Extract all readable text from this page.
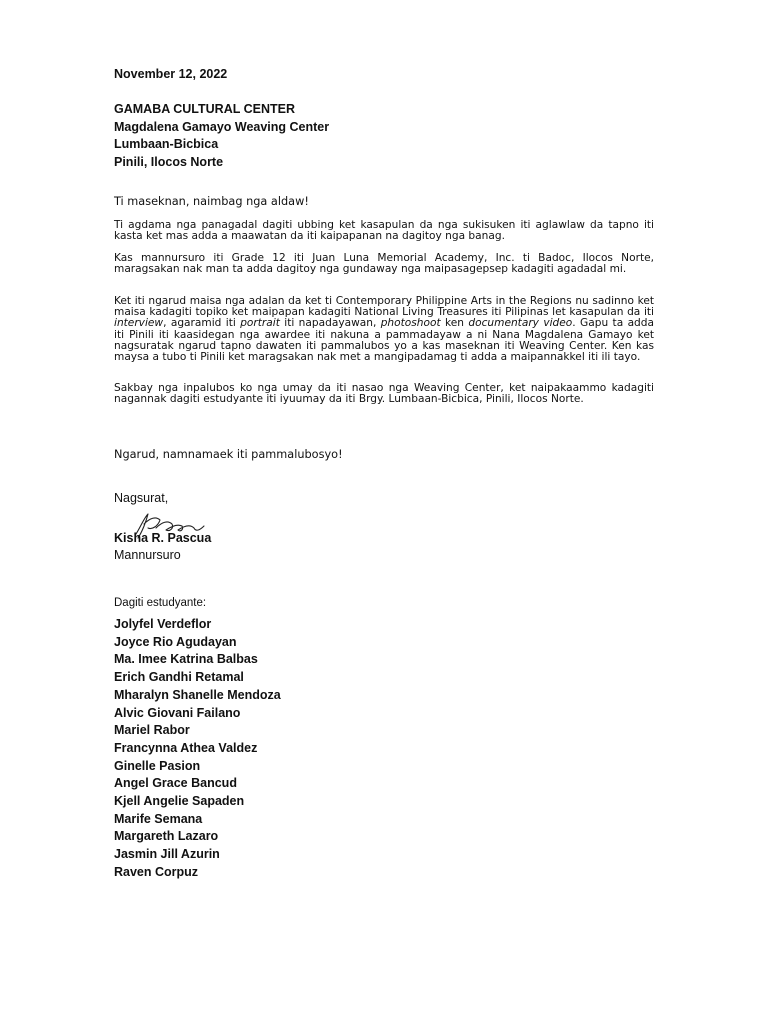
November 12, 2022
GAMABA CULTURAL CENTER
Magdalena Gamayo Weaving Center
Lumbaan-Bicbica
Pinili, Ilocos Norte

Ti maseknan, naimbag nga aldaw!

Ti agdama nga panagadal dagiti ubbing ket kasapulan da nga sukisuken iti aglawlaw da tapno iti kasta ket mas adda a maawatan da iti kaipapanan na dagitoy nga banag.

Kas mannursuro iti Grade 12 iti Juan Luna Memorial Academy, Inc. ti Badoc, Ilocos Norte, maragsakan nak man ta adda dagitoy nga gundaway nga maipasagepsep kadagiti agadadal mi.

Ket iti ngarud maisa nga adalan da ket ti Contemporary Philippine Arts in the Regions nu sadinno ket maisa kadagiti topiko ket maipapan kadagiti National Living Treasures iti Pilipinas let kasapulan da iti interview, agaramid iti portrait iti napadayawan, photoshoot ken documentary video. Gapu ta adda iti Pinili iti kaasidegan nga awardee iti nakuna a pammadayaw a ni Nana Magdalena Gamayo ket nagsuratak ngarud tapno dawaten iti pammalubos yo a kas maseknan iti Weaving Center. Ken kas maysa a tubo ti Pinili ket maragsakan nak met a mangipadamag ti adda a maipannakkel iti ili tayo.

Sakbay nga inpalubos ko nga umay da iti nasao nga Weaving Center, ket naipakaammo kadagiti nagannak dagiti estudyante iti iyuumay da iti Brgy. Lumbaan-Bicbica, Pinili, Ilocos Norte.

Ngarud, namnamaek iti pammalubosyo!

Nagsurat,
Kisha R. Pascua
Mannursuro
Dagiti estudyante:
Jolyfel Verdeflor
Joyce Rio Agudayan
Ma. Imee Katrina Balbas
Erich Gandhi Retamal
Mharalyn Shanelle Mendoza
Alvic Giovani Failano
Mariel Rabor
Francynna Athea Valdez
Ginelle Pasion
Angel Grace Bancud
Kjell Angelie Sapaden
Marife Semana
Margareth Lazaro
Jasmin Jill Azurin
Raven Corpuz
